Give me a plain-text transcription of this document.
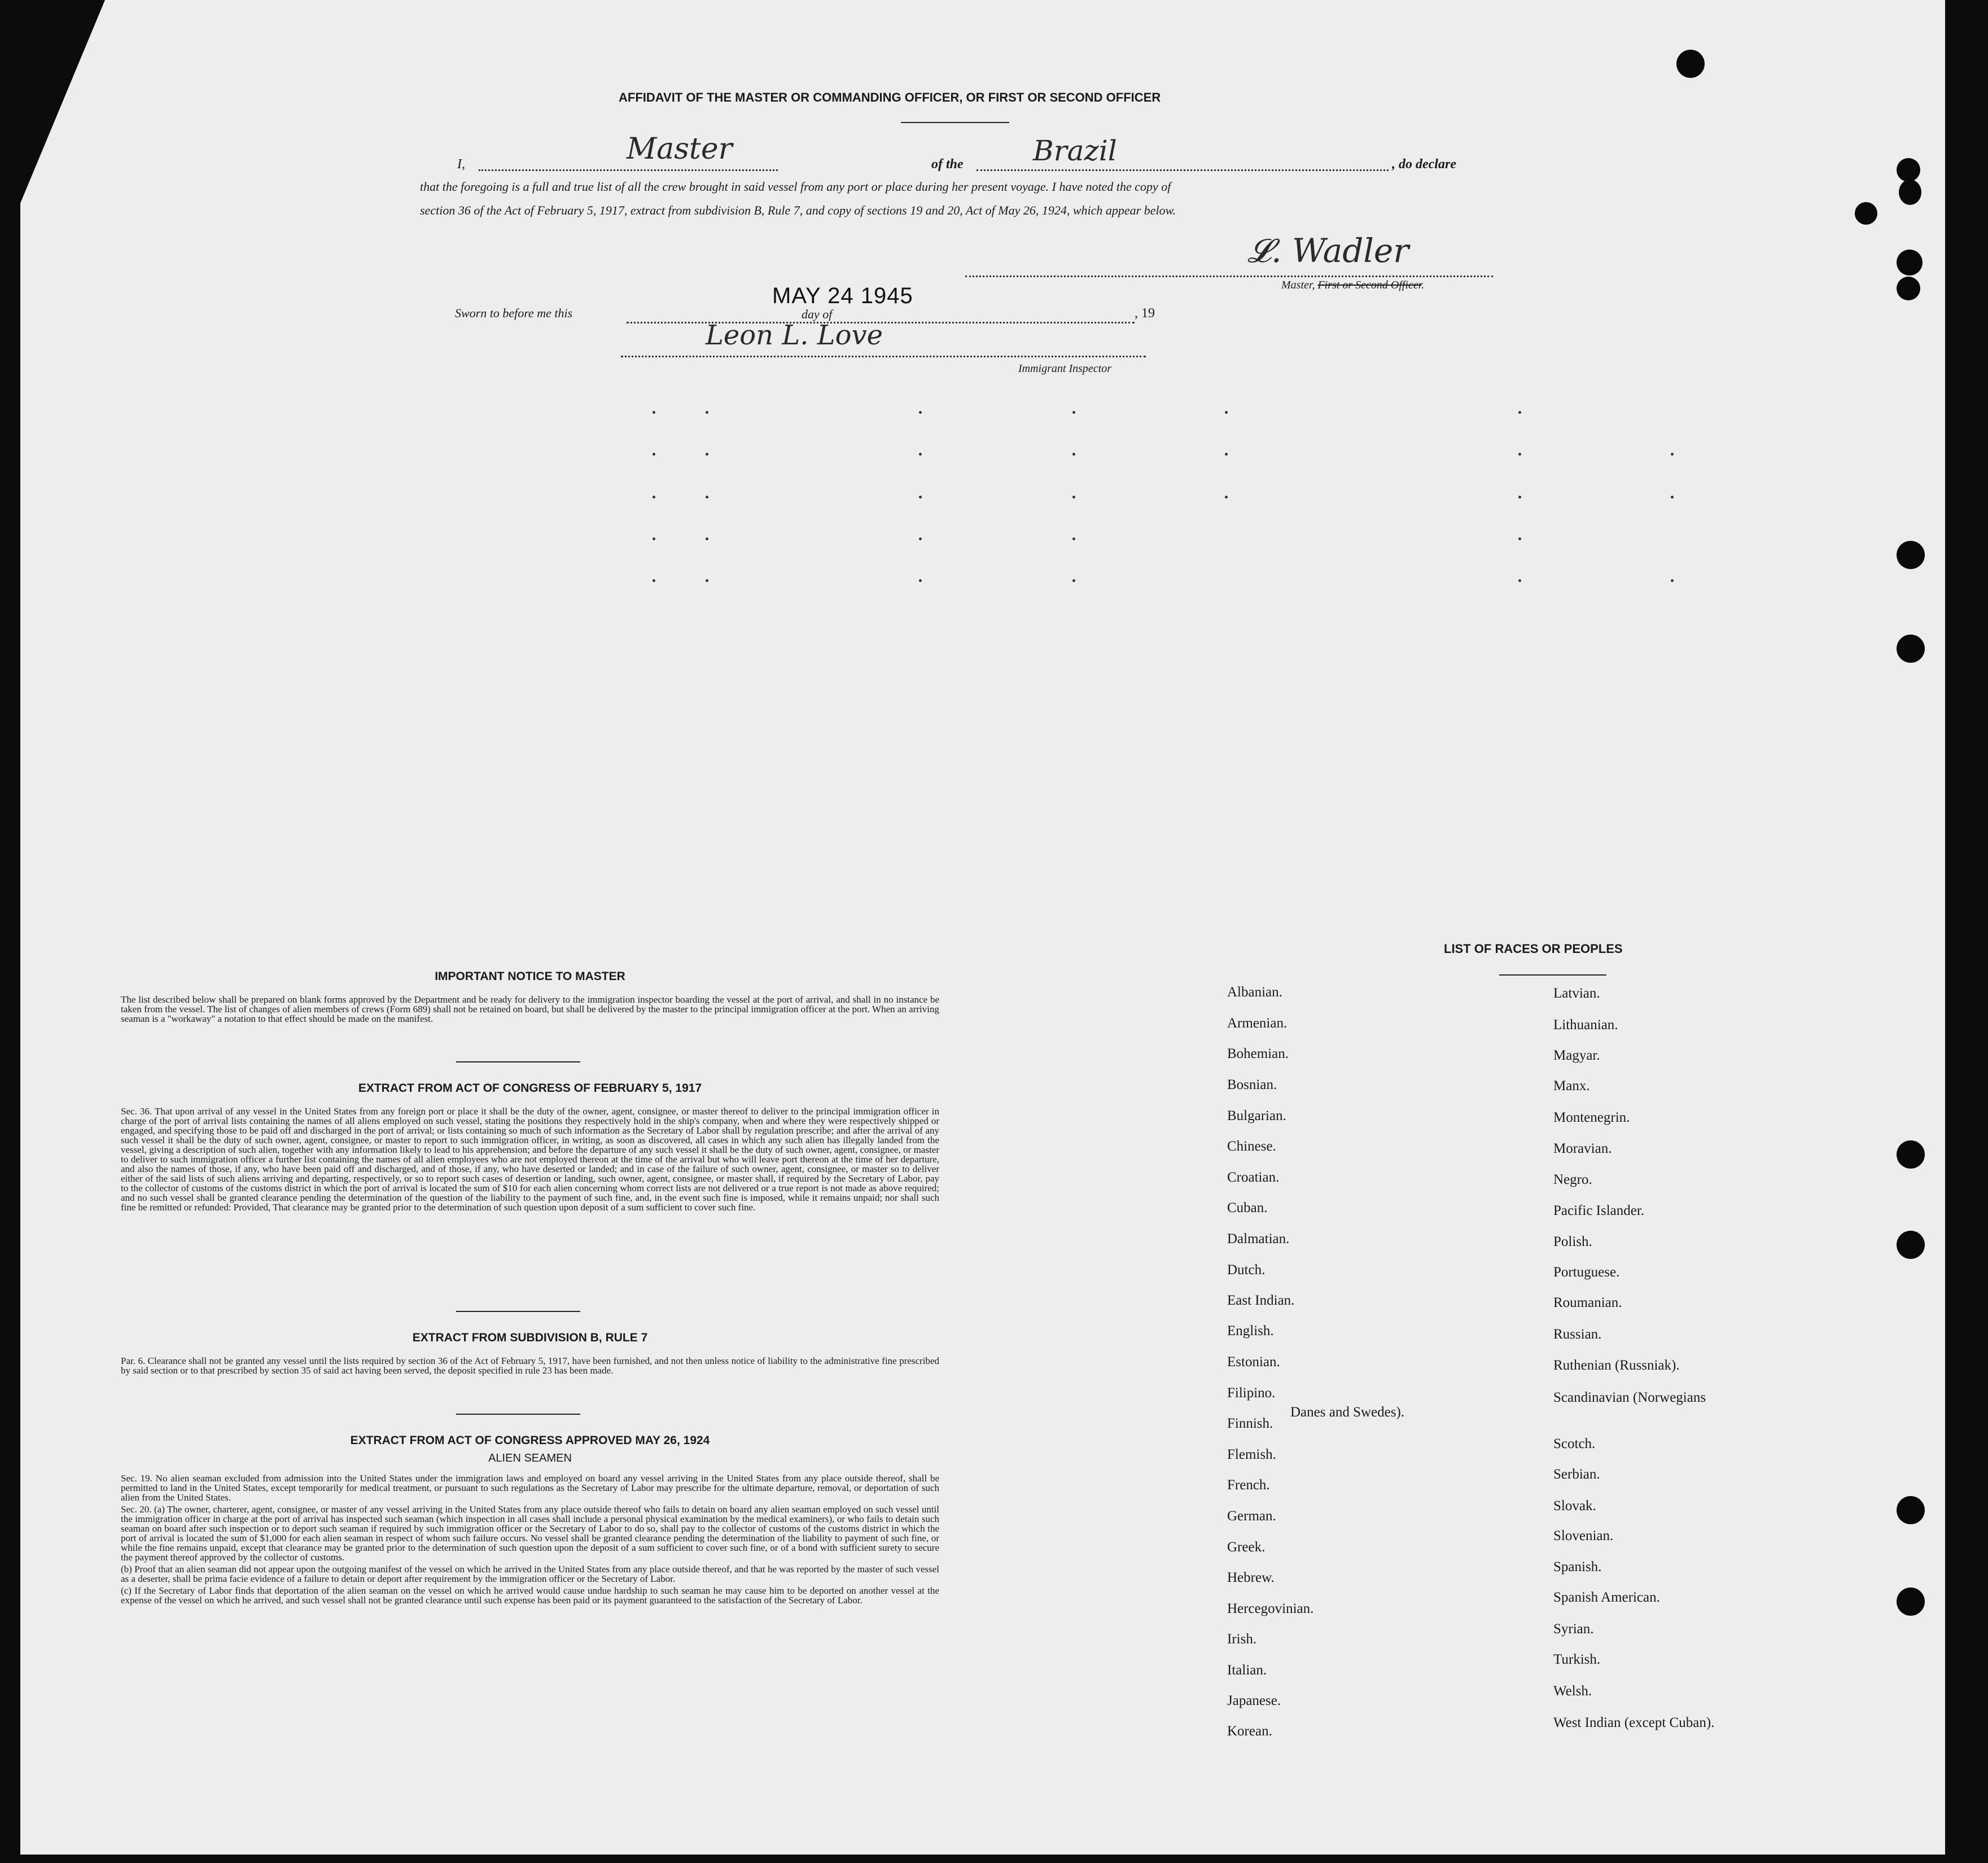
AFFIDAVIT OF THE MASTER OR COMMANDING OFFICER, OR FIRST OR SECOND OFFICER
I,	Master	of the Brazil	, do declare
that the foregoing is a full and true list of all the crew brought in said vessel from any port or place during her present voyage. I have noted the copy of
section 36 of the Act of February 5, 1917, extract from subdivision B, Rule 7, and copy of sections 19 and 20, Act of May 26, 1924, which appear below.
𝓛. Wadler
Master, First or Second Officer.
Sworn to before me this	day of	, 19
MAY 24 1945
Leon L. Love
Immigrant Inspector
IMPORTANT NOTICE TO MASTER
The list described below shall be prepared on blank forms approved by the Department and be ready for delivery to the immigration inspector boarding the vessel at the port of arrival, and shall in no instance be taken from the vessel. The list of changes of alien members of crews (Form 689) shall not be retained on board, but shall be delivered by the master to the principal immigration officer at the port. When an arriving seaman is a "workaway" a notation to that effect should be made on the manifest.
EXTRACT FROM ACT OF CONGRESS OF FEBRUARY 5, 1917
Sec. 36. That upon arrival of any vessel in the United States from any foreign port or place it shall be the duty of the owner, agent, consignee, or master thereof to deliver to the principal immigration officer in charge of the port of arrival lists containing the names of all aliens employed on such vessel, stating the positions they respectively hold in the ship's company, when and where they were respectively shipped or engaged, and specifying those to be paid off and discharged in the port of arrival; or lists containing so much of such information as the Secretary of Labor shall by regulation prescribe; and after the arrival of any such vessel it shall be the duty of such owner, agent, consignee, or master to report to such immigration officer, in writing, as soon as discovered, all cases in which any such alien has illegally landed from the vessel, giving a description of such alien, together with any information likely to lead to his apprehension; and before the departure of any such vessel it shall be the duty of such owner, agent, consignee, or master to deliver to such immigration officer a further list containing the names of all alien employees who are not employed thereon at the time of the arrival but who will leave port thereon at the time of her departure, and also the names of those, if any, who have been paid off and discharged, and of those, if any, who have deserted or landed; and in case of the failure of such owner, agent, consignee, or master so to deliver either of the said lists of such aliens arriving and departing, respectively, or so to report such cases of desertion or landing, such owner, agent, consignee, or master shall, if required by the Secretary of Labor, pay to the collector of customs of the customs district in which the port of arrival is located the sum of $10 for each alien concerning whom correct lists are not delivered or a true report is not made as above required; and no such vessel shall be granted clearance pending the determination of the question of the liability to the payment of such fine, and, in the event such fine is imposed, while it remains unpaid; nor shall such fine be remitted or refunded: Provided, That clearance may be granted prior to the determination of such question upon deposit of a sum sufficient to cover such fine.
EXTRACT FROM SUBDIVISION B, RULE 7
Par. 6. Clearance shall not be granted any vessel until the lists required by section 36 of the Act of February 5, 1917, have been furnished, and not then unless notice of liability to the administrative fine prescribed by said section or to that prescribed by section 35 of said act having been served, the deposit specified in rule 23 has been made.
EXTRACT FROM ACT OF CONGRESS APPROVED MAY 26, 1924
ALIEN SEAMEN
Sec. 19. No alien seaman excluded from admission into the United States under the immigration laws and employed on board any vessel arriving in the United States from any place outside thereof, shall be permitted to land in the United States, except temporarily for medical treatment, or pursuant to such regulations as the Secretary of Labor may prescribe for the ultimate departure, removal, or deportation of such alien from the United States.
Sec. 20. (a) The owner, charterer, agent, consignee, or master of any vessel arriving in the United States from any place outside thereof who fails to detain on board any alien seaman employed on such vessel until the immigration officer in charge at the port of arrival has inspected such seaman (which inspection in all cases shall include a personal physical examination by the medical examiners), or who fails to detain such seaman on board after such inspection or to deport such seaman if required by such immigration officer or the Secretary of Labor to do so, shall pay to the collector of customs of the customs district in which the port of arrival is located the sum of $1,000 for each alien seaman in respect of whom such failure occurs. No vessel shall be granted clearance pending the determination of the liability to payment of such fine, or while the fine remains unpaid, except that clearance may be granted prior to the determination of such question upon the deposit of a sum sufficient to cover such fine, or of a bond with sufficient surety to secure the payment thereof approved by the collector of customs.
(b) Proof that an alien seaman did not appear upon the outgoing manifest of the vessel on which he arrived in the United States from any place outside thereof, and that he was reported by the master of such vessel as a deserter, shall be prima facie evidence of a failure to detain or deport after requirement by the immigration officer or the Secretary of Labor.
(c) If the Secretary of Labor finds that deportation of the alien seaman on the vessel on which he arrived would cause undue hardship to such seaman he may cause him to be deported on another vessel at the expense of the vessel on which he arrived, and such vessel shall not be granted clearance until such expense has been paid or its payment guaranteed to the satisfaction of the Secretary of Labor.
LIST OF RACES OR PEOPLES
Albanian.
Armenian.
Bohemian.
Bosnian.
Bulgarian.
Chinese.
Croatian.
Cuban.
Dalmatian.
Dutch.
East Indian.
English.
Estonian.
Filipino.
Finnish.
Flemish.
French.
German.
Greek.
Hebrew.
Hercegovinian.
Irish.
Italian.
Japanese.
Korean.
Latvian.
Lithuanian.
Magyar.
Manx.
Montenegrin.
Moravian.
Negro.
Pacific Islander.
Polish.
Portuguese.
Roumanian.
Russian.
Ruthenian (Russniak).
Scandinavian (Norwegians
Danes and Swedes).
Scotch.
Serbian.
Slovak.
Slovenian.
Spanish.
Spanish American.
Syrian.
Turkish.
Welsh.
West Indian (except Cuban).
